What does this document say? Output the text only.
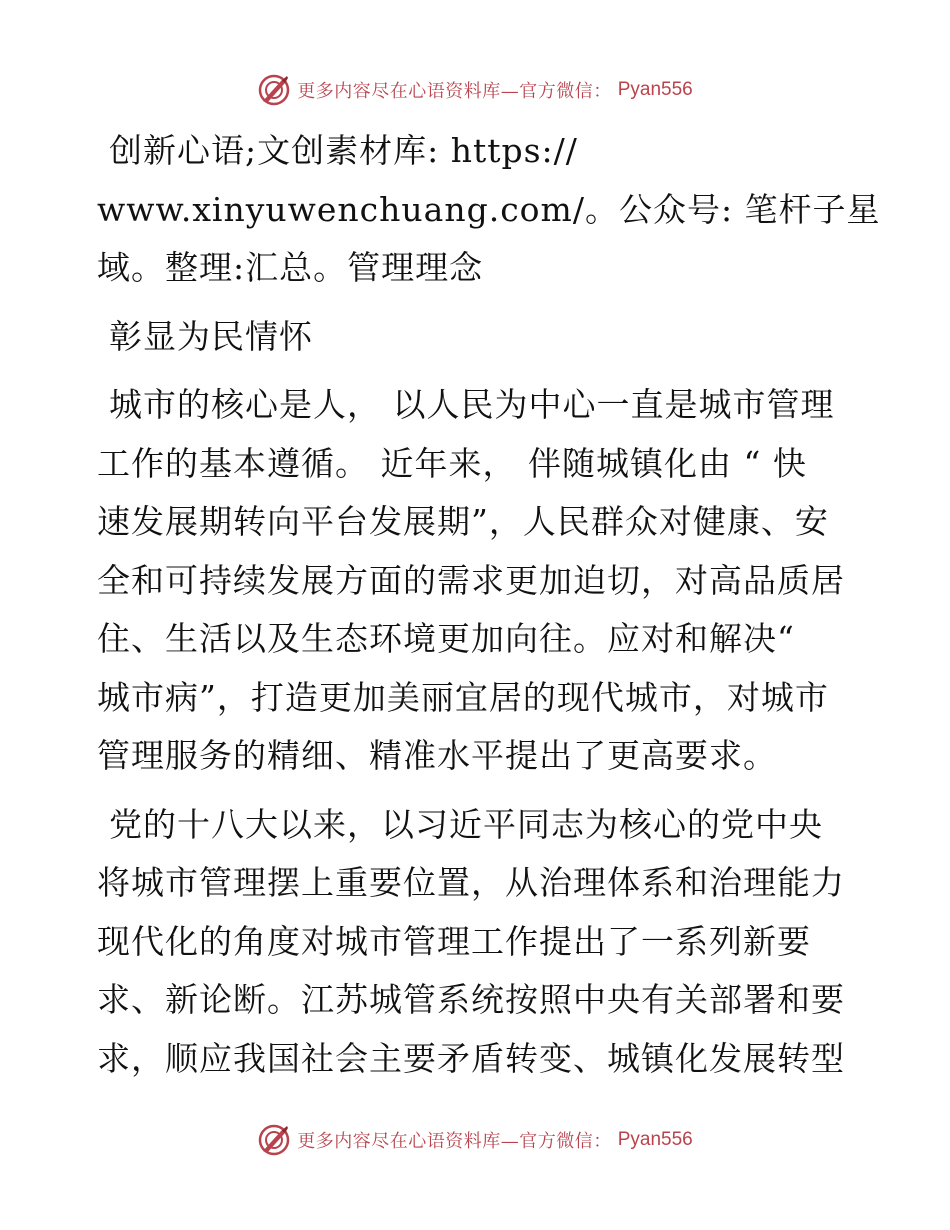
更多内容尽在心语资料库—官方微信： Pyan556
创新心语;文创素材库: https://
www.xinyuwenchuang.com/。公众号: 笔杆子星
域。整理:汇总。管理理念
彰显为民情怀
城市的核心是人， 以人民为中心一直是城市管理
工作的基本遵循。 近年来， 伴随城镇化由 “ 快
速发展期转向平台发展期”，人民群众对健康、安
全和可持续发展方面的需求更加迫切，对高品质居
住、生活以及生态环境更加向往。应对和解决“
城市病”，打造更加美丽宜居的现代城市，对城市
管理服务的精细、精准水平提出了更高要求。
党的十八大以来，以习近平同志为核心的党中央
将城市管理摆上重要位置，从治理体系和治理能力
现代化的角度对城市管理工作提出了一系列新要
求、新论断。江苏城管系统按照中央有关部署和要
求，顺应我国社会主要矛盾转变、城镇化发展转型
更多内容尽在心语资料库—官方微信： Pyan556
